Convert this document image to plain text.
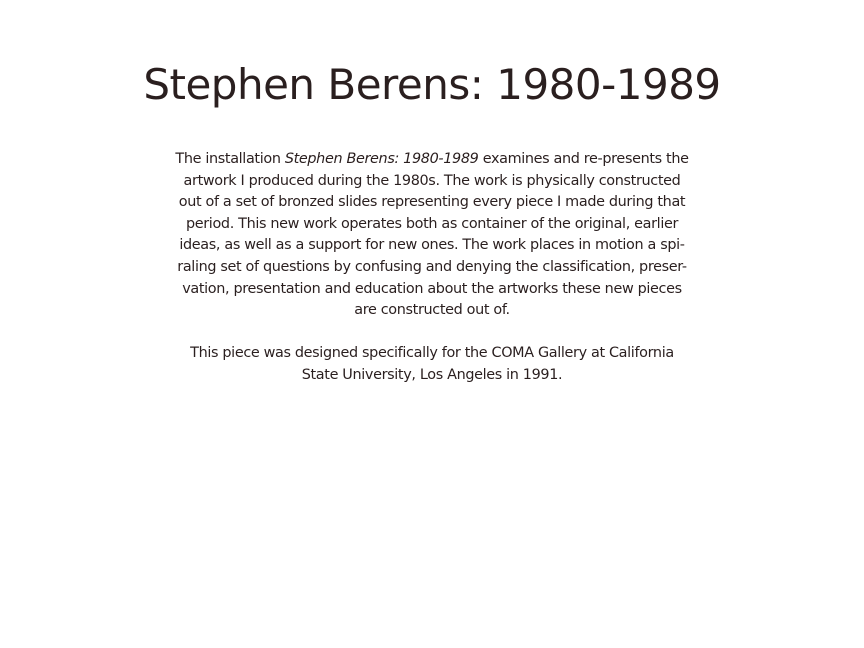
Stephen Berens: 1980-1989

The installation Stephen Berens: 1980-1989 examines and re-presents the
artwork I produced during the 1980s. The work is physically constructed
out of a set of bronzed slides representing every piece I made during that
period. This new work operates both as container of the original, earlier
ideas, as well as a support for new ones. The work places in motion a spi-
raling set of questions by confusing and denying the classification, preser-
vation, presentation and education about the artworks these new pieces
are constructed out of.

This piece was designed specifically for the COMA Gallery at California
State University, Los Angeles in 1991.
